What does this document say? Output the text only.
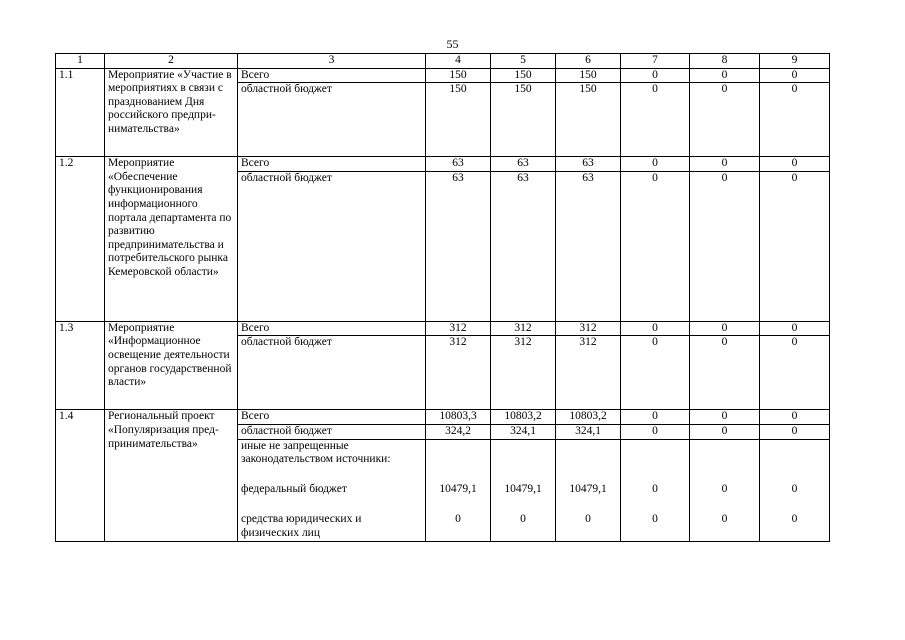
55
1	2	3	4	5	6	7	8	9
1.1	Мероприятие «Участие в мероприятиях в связи с празднованием Дня российского предпри-нимательства»	Всего	150	150	150	0	0	0
		областной бюджет	150	150	150	0	0	0
1.2	Мероприятие «Обеспечение функционирования информационного портала департамента по развитию предпринимательства и потребительского рынка Кемеровской области»	Всего	63	63	63	0	0	0
		областной бюджет	63	63	63	0	0	0
1.3	Мероприятие «Информационное освещение деятельности органов государственной власти»	Всего	312	312	312	0	0	0
		областной бюджет	312	312	312	0	0	0
1.4	Региональный проект «Популяризация пред-принимательства»	Всего	10803,3	10803,2	10803,2	0	0	0
		областной бюджет	324,2	324,1	324,1	0	0	0
		иные не запрещенные законодательством источники:						
		федеральный бюджет	10479,1	10479,1	10479,1	0	0	0
		средства юридических и физических лиц	0	0	0	0	0	0
